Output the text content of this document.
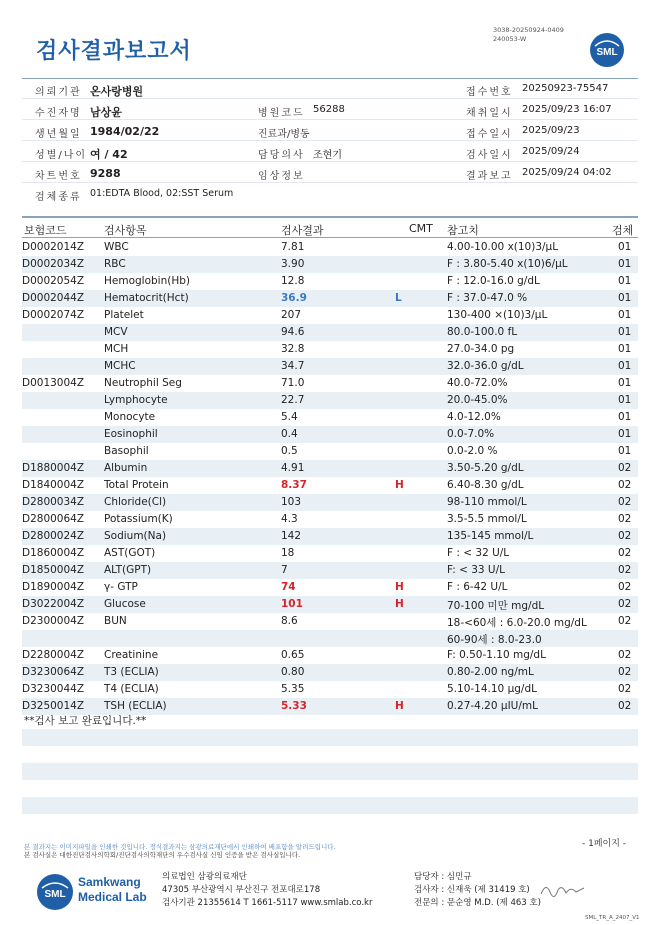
검사결과보고서
3038-20250924-0409
240053-W
SML
의뢰기관 온사랑병원	접수번호 20250923-75547
수진자명 남상윤	병원코드 56288	채취일시 2025/09/23 16:07
생년월일 1984/02/22	진료과/병동	접수일시 2025/09/23
성별/나이 여 / 42	담당의사 조현기	검사일시 2025/09/24
차트번호 9288	임상정보	결과보고 2025/09/24 04:02
검체종류 01:EDTA Blood, 02:SST Serum
보험코드	검사항목	검사결과	CMT 참고치	검체
D0002014Z WBC	7.81	4.00-10.00 x(10)3/µL	01
D0002034Z RBC	3.90	F : 3.80-5.40 x(10)6/µL	01
D0002054Z Hemoglobin(Hb)	12.8	F : 12.0-16.0 g/dL	01
D0002044Z Hematocrit(Hct)	36.9	L	F : 37.0-47.0 %	01
D0002074Z Platelet	207	130-400 ×(10)3/µL	01
MCV	94.6	80.0-100.0 fL	01
MCH	32.8	27.0-34.0 pg	01
MCHC	34.7	32.0-36.0 g/dL	01
D0013004Z Neutrophil Seg	71.0	40.0-72.0%	01
Lymphocyte	22.7	20.0-45.0%	01
Monocyte	5.4	4.0-12.0%	01
Eosinophil	0.4	0.0-7.0%	01
Basophil	0.5	0.0-2.0 %	01
D1880004Z Albumin	4.91	3.50-5.20 g/dL	02
D1840004Z Total Protein	8.37	H	6.40-8.30 g/dL	02
D2800034Z Chloride(Cl)	103	98-110 mmol/L	02
D2800064Z Potassium(K)	4.3	3.5-5.5 mmol/L	02
D2800024Z Sodium(Na)	142	135-145 mmol/L	02
D1860004Z AST(GOT)	18	F : < 32 U/L	02
D1850004Z ALT(GPT)	7	F: < 33 U/L	02
D1890004Z γ- GTP	74	H	F : 6-42 U/L	02
D3022004Z Glucose	101	H	70-100 미만 mg/dL	02
D2300004Z BUN	8.6	18-<60세 : 6.0-20.0 mg/dL	02
60-90세 : 8.0-23.0
D2280004Z Creatinine	0.65	F: 0.50-1.10 mg/dL	02
D3230064Z T3 (ECLIA)	0.80	0.80-2.00 ng/mL	02
D3230044Z T4 (ECLIA)	5.35	5.10-14.10 µg/dL	02
D3250014Z TSH (ECLIA)	5.33	H	0.27-4.20 µIU/mL	02
**검사 보고 완료입니다.**
- 1페이지 -
본 결과지는 이미지파일을 인쇄한 것입니다. 정식결과지는 삼광의료재단에서 인쇄하여 배포함을 알려드립니다.
본 검사실은 대한진단검사의학회/진단검사의학재단의 우수검사실 신임 인증을 받은 검사실입니다.
SML
Samkwang
Medical Lab
의료법인 삼광의료재단
47305 부산광역시 부산진구 전포대로178
검사기관 21355614 T 1661-5117 www.smlab.co.kr
담당자 : 심민규
검사자 : 신재욱 (제 31419 호)
전문의 : 문순영 M.D. (제 463 호)
SML_TR_A_2407_V1
